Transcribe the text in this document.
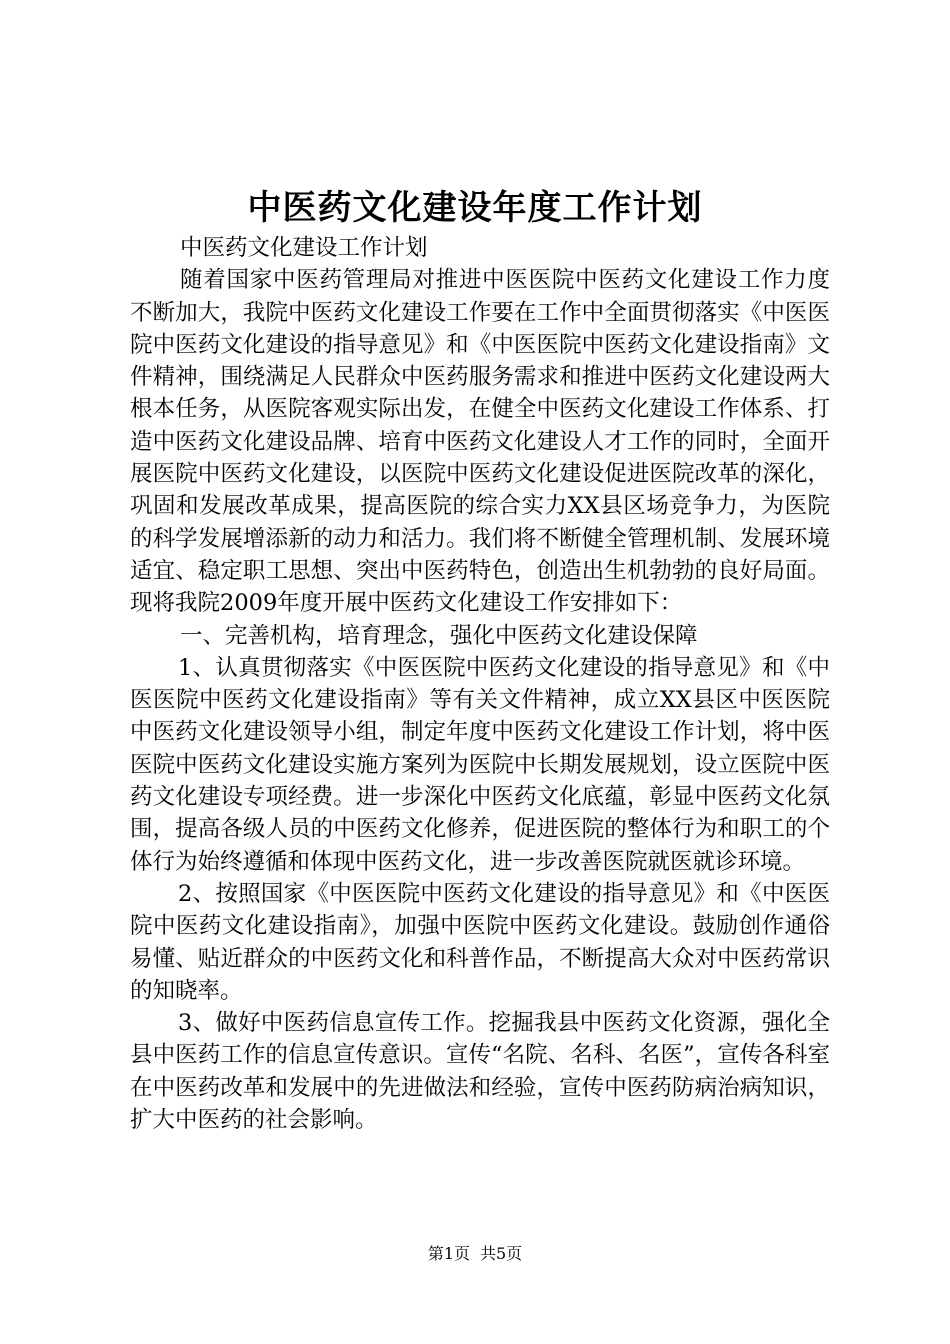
中医药文化建设年度工作计划

中医药文化建设工作计划

随着国家中医药管理局对推进中医医院中医药文化建设工作力度不断加大，我院中医药文化建设工作要在工作中全面贯彻落实《中医医院中医药文化建设的指导意见》和《中医医院中医药文化建设指南》文件精神，围绕满足人民群众中医药服务需求和推进中医药文化建设两大根本任务，从医院客观实际出发，在健全中医药文化建设工作体系、打造中医药文化建设品牌、培育中医药文化建设人才工作的同时，全面开展医院中医药文化建设，以医院中医药文化建设促进医院改革的深化，巩固和发展改革成果，提高医院的综合实力XX县区场竞争力，为医院的科学发展增添新的动力和活力。我们将不断健全管理机制、发展环境适宜、稳定职工思想、突出中医药特色，创造出生机勃勃的良好局面。现将我院2009年度开展中医药文化建设工作安排如下：

一、完善机构，培育理念，强化中医药文化建设保障

1、认真贯彻落实《中医医院中医药文化建设的指导意见》和《中医医院中医药文化建设指南》等有关文件精神，成立XX县区中医医院中医药文化建设领导小组，制定年度中医药文化建设工作计划，将中医医院中医药文化建设实施方案列为医院中长期发展规划，设立医院中医药文化建设专项经费。进一步深化中医药文化底蕴，彰显中医药文化氛围，提高各级人员的中医药文化修养，促进医院的整体行为和职工的个体行为始终遵循和体现中医药文化，进一步改善医院就医就诊环境。

2、按照国家《中医医院中医药文化建设的指导意见》和《中医医院中医药文化建设指南》，加强中医院中医药文化建设。鼓励创作通俗易懂、贴近群众的中医药文化和科普作品，不断提高大众对中医药常识的知晓率。

3、做好中医药信息宣传工作。挖掘我县中医药文化资源，强化全县中医药工作的信息宣传意识。宣传“名院、名科、名医”，宣传各科室在中医药改革和发展中的先进做法和经验，宣传中医药防病治病知识，扩大中医药的社会影响。

第1页 共5页
